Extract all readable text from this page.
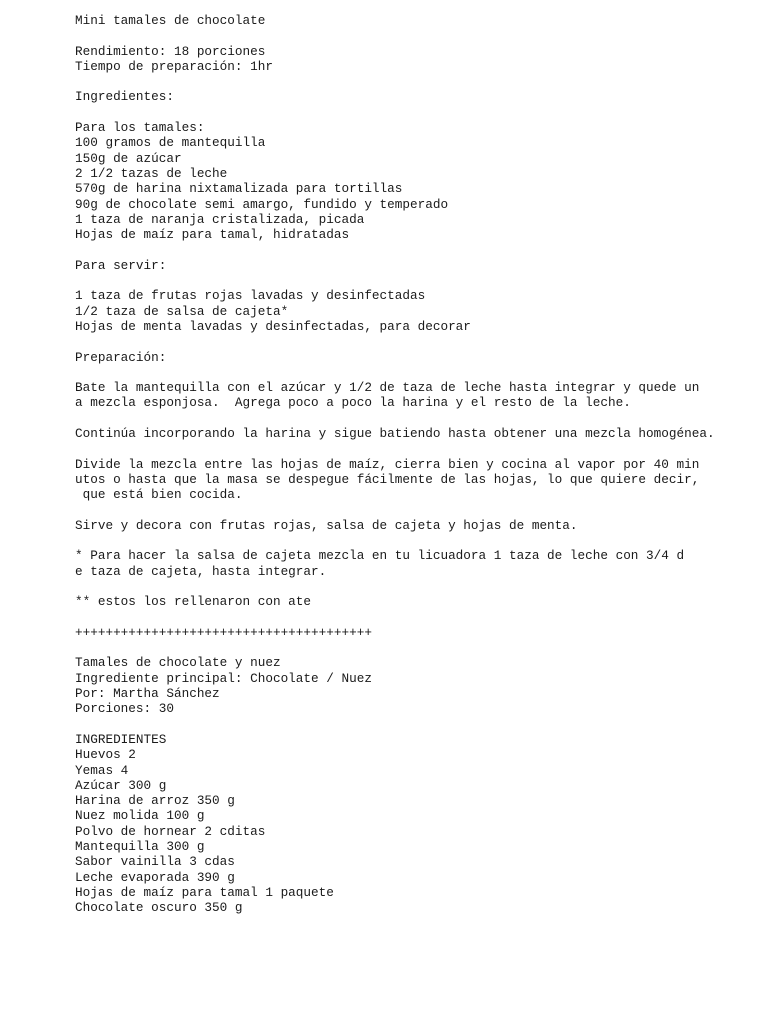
Mini tamales de chocolate
Rendimiento: 18 porciones
Tiempo de preparación: 1hr
Ingredientes:
Para los tamales:
100 gramos de mantequilla
150g de azúcar
2 1/2 tazas de leche
570g de harina nixtamalizada para tortillas
90g de chocolate semi amargo, fundido y temperado
1 taza de naranja cristalizada, picada
Hojas de maíz para tamal, hidratadas
Para servir:
1 taza de frutas rojas lavadas y desinfectadas
1/2 taza de salsa de cajeta*
Hojas de menta lavadas y desinfectadas, para decorar
Preparación:
Bate la mantequilla con el azúcar y 1/2 de taza de leche hasta integrar y quede un
a mezcla esponjosa.  Agrega poco a poco la harina y el resto de la leche.
Continúa incorporando la harina y sigue batiendo hasta obtener una mezcla homogénea.
Divide la mezcla entre las hojas de maíz, cierra bien y cocina al vapor por 40 min
utos o hasta que la masa se despegue fácilmente de las hojas, lo que quiere decir,
que está bien cocida.
Sirve y decora con frutas rojas, salsa de cajeta y hojas de menta.
* Para hacer la salsa de cajeta mezcla en tu licuadora 1 taza de leche con 3/4 d
e taza de cajeta, hasta integrar.
** estos los rellenaron con ate
+++++++++++++++++++++++++++++++++++++++
Tamales de chocolate y nuez
Ingrediente principal: Chocolate / Nuez
Por: Martha Sánchez
Porciones: 30
INGREDIENTES
Huevos 2
Yemas 4
Azúcar 300 g
Harina de arroz 350 g
Nuez molida 100 g
Polvo de hornear 2 cditas
Mantequilla 300 g
Sabor vainilla 3 cdas
Leche evaporada 390 g
Hojas de maíz para tamal 1 paquete
Chocolate oscuro 350 g
